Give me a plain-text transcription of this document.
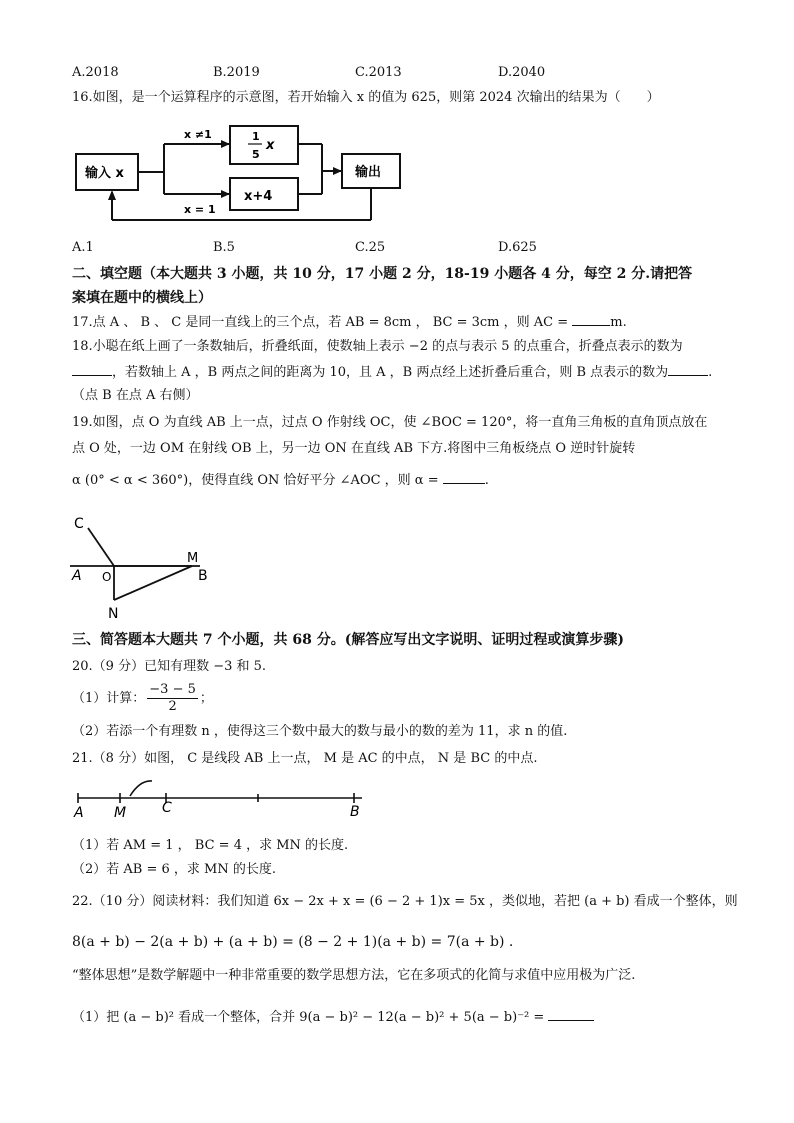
A.2018	B.2019	C.2013	D.2040
16.如图，是一个运算程序的示意图，若开始输入 x 的值为 625，则第 2024 次输出的结果为（　　）
输入 x	输出
1
5
x
x+4
x ≠1
x = 1
A.1	B.5	C.25	D.625
二、填空题（本大题共 3 小题，共 10 分，17 小题 2 分，18-19 小题各 4 分，每空 2 分.请把答
案填在题中的横线上）
17.点 A 、 B 、 C 是同一直线上的三个点，若 AB = 8cm ， BC = 3cm ，则 AC =	m.
18.小聪在纸上画了一条数轴后，折叠纸面，使数轴上表示 −2 的点与表示 5 的点重合，折叠点表示的数为
，若数轴上 A ，B 两点之间的距离为 10，且 A ，B 两点经上述折叠后重合，则 B 点表示的数为	.
（点 B 在点 A 右侧）
19.如图，点 O 为直线 AB 上一点，过点 O 作射线 OC，使 ∠BOC = 120°，将一直角三角板的直角顶点放在
点 O 处，一边 OM 在射线 OB 上，另一边 ON 在直线 AB 下方.将图中三角板绕点 O 逆时针旋转
α (0° < α < 360°)，使得直线 ON 恰好平分 ∠AOC ，则 α =	.
C
A O
M
B
N
三、简答题本大题共 7 个小题，共 68 分。(解答应写出文字说明、证明过程或演算步骤)
20.（9 分）已知有理数 −3 和 5.
（1）计算： $\frac{-3 - 5}{2}$ ；
（2）若添一个有理数 n ，使得这三个数中最大的数与最小的数的差为 11，求 n 的值.
21.（8 分）如图， C 是线段 AB 上一点， M 是 AC 的中点， N 是 BC 的中点.
A M	C	B
（1）若 AM = 1 ， BC = 4 ，求 MN 的长度.
（2）若 AB = 6 ，求 MN 的长度.
22.（10 分）阅读材料：我们知道 6x − 2x + x = (6 − 2 + 1)x = 5x ，类似地，若把 (a + b) 看成一个整体，则
8(a + b) − 2(a + b) + (a + b) = (8 − 2 + 1)(a + b) = 7(a + b) .
“整体思想”是数学解题中一种非常重要的数学思想方法，它在多项式的化简与求值中应用极为广泛.
（1）把 (a − b)² 看成一个整体，合并 9(a − b)² − 12(a − b)² + 5(a − b)⁻² =
